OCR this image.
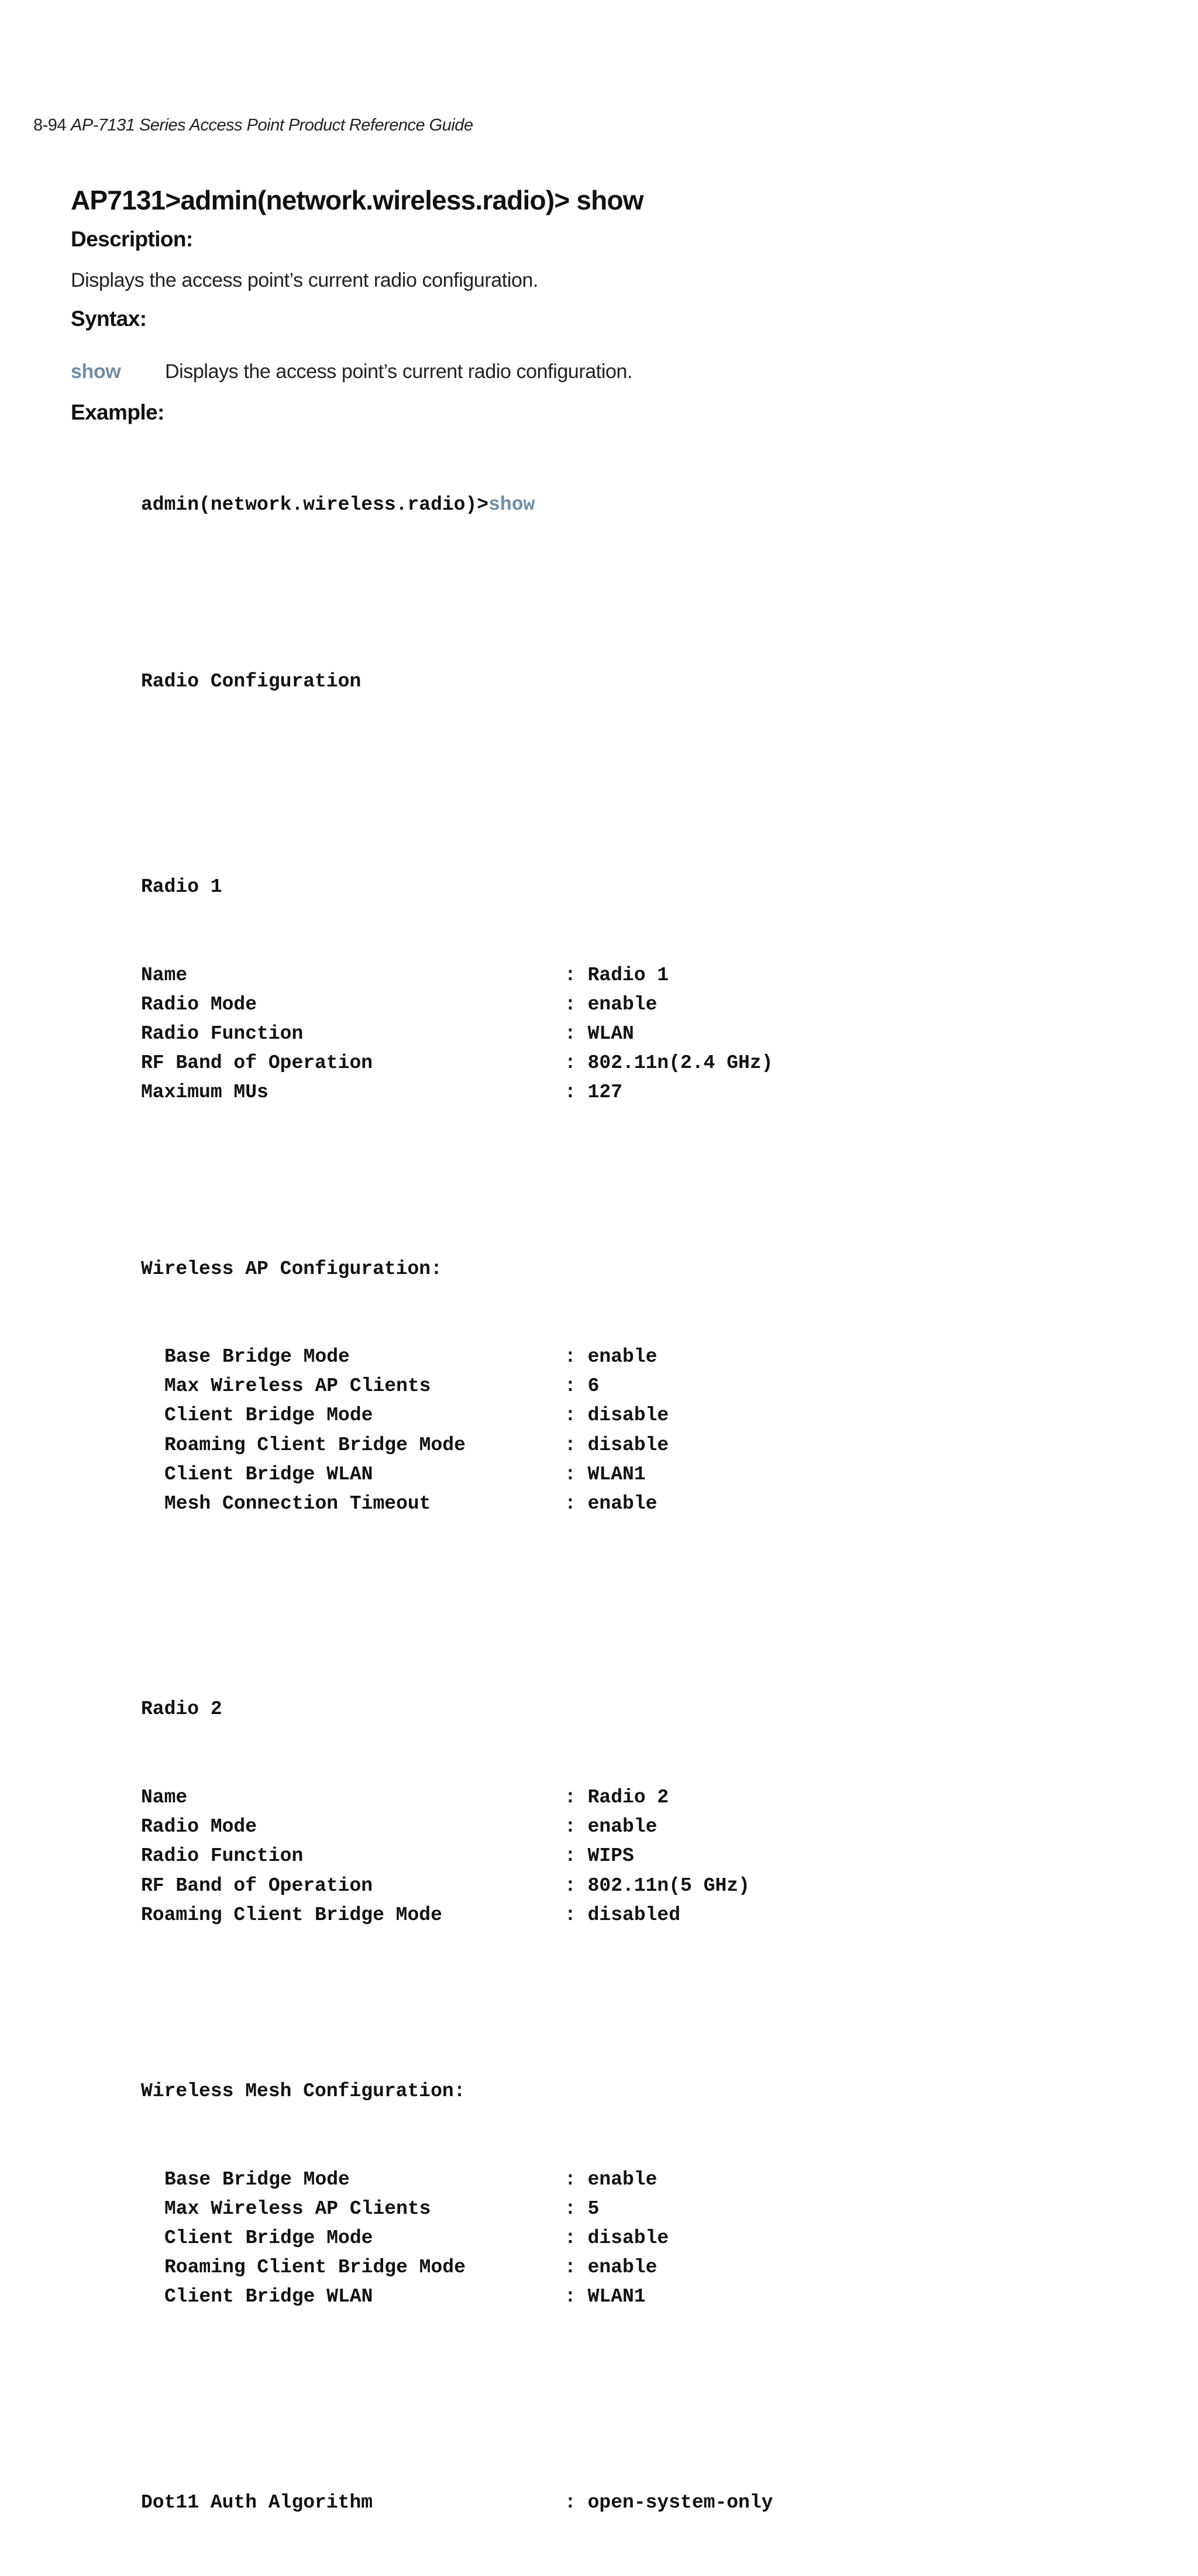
8-94 AP-7131 Series Access Point Product Reference Guide
AP7131>admin(network.wireless.radio)> show
Description:

Displays the access point’s current radio configuration.

Syntax:
show	Displays the access point’s current radio configuration.
Example:

admin(network.wireless.radio)> show

Radio Configuration

Radio 1

Name	: Radio 1
Radio Mode	: enable
Radio Function	: WLAN
RF Band of Operation	: 802.11n(2.4 GHz)
Maximum MUs	: 127

Wireless AP Configuration:

Base Bridge Mode	: enable
Max Wireless AP Clients	: 6
Client Bridge Mode	: disable
Roaming Client Bridge Mode	: disable
Client Bridge WLAN	: WLAN1
Mesh Connection Timeout	: enable

Radio 2

Name	: Radio 2
Radio Mode	: enable
Radio Function	: WIPS
RF Band of Operation	: 802.11n(5 GHz)
Roaming Client Bridge Mode	: disabled

Wireless Mesh Configuration:

Base Bridge Mode	: enable
Max Wireless AP Clients	: 5
Client Bridge Mode	: disable
Roaming Client Bridge Mode	: enable
Client Bridge WLAN	: WLAN1

Dot11 Auth Algorithm	: open-system-only
